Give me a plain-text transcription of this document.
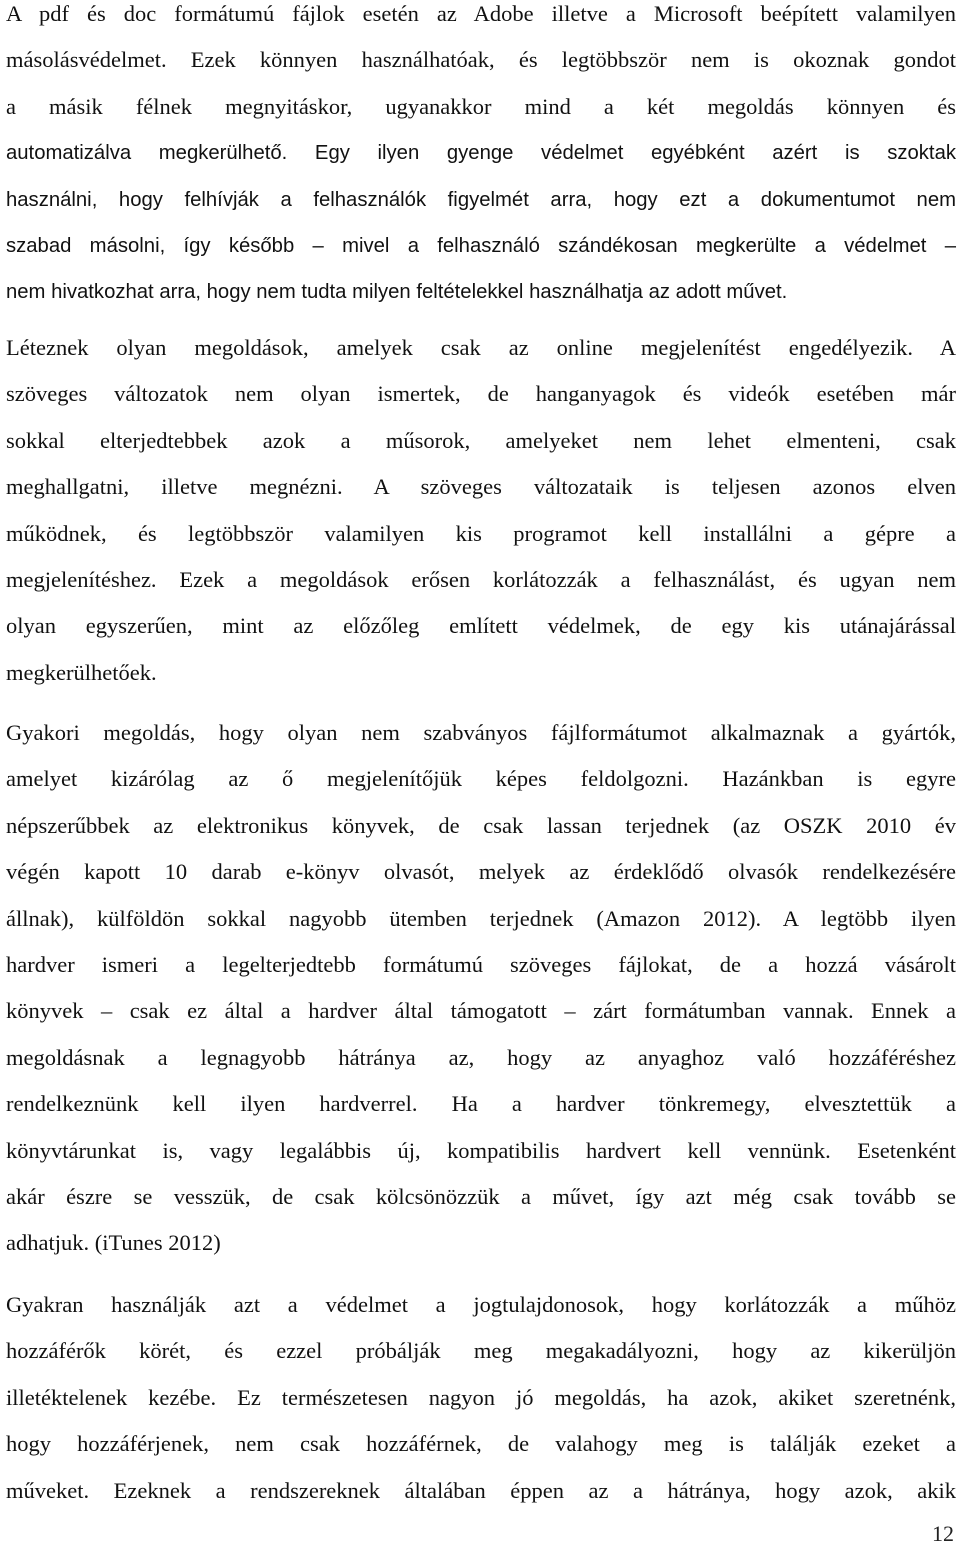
A pdf és doc formátumú fájlok esetén az Adobe illetve a Microsoft beépített valamilyen
másolásvédelmet. Ezek könnyen használhatóak, és legtöbbször nem is okoznak gondot
a másik félnek megnyitáskor, ugyanakkor mind a két megoldás könnyen és
automatizálva megkerülhető. Egy ilyen gyenge védelmet egyébként azért is szoktak
használni, hogy felhívják a felhasználók figyelmét arra, hogy ezt a dokumentumot nem
szabad másolni, így később – mivel a felhasználó szándékosan megkerülte a védelmet –
nem hivatkozhat arra, hogy nem tudta milyen feltételekkel használhatja az adott művet.
Léteznek olyan megoldások, amelyek csak az online megjelenítést engedélyezik. A
szöveges változatok nem olyan ismertek, de hanganyagok és videók esetében már
sokkal elterjedtebbek azok a műsorok, amelyeket nem lehet elmenteni, csak
meghallgatni, illetve megnézni. A szöveges változataik is teljesen azonos elven
működnek, és legtöbbször valamilyen kis programot kell installálni a gépre a
megjelenítéshez. Ezek a megoldások erősen korlátozzák a felhasználást, és ugyan nem
olyan egyszerűen, mint az előzőleg említett védelmek, de egy kis utánajárással
megkerülhetőek.
Gyakori megoldás, hogy olyan nem szabványos fájlformátumot alkalmaznak a gyártók,
amelyet kizárólag az ő megjelenítőjük képes feldolgozni. Hazánkban is egyre
népszerűbbek az elektronikus könyvek, de csak lassan terjednek (az OSZK 2010 év
végén kapott 10 darab e-könyv olvasót, melyek az érdeklődő olvasók rendelkezésére
állnak), külföldön sokkal nagyobb ütemben terjednek (Amazon 2012). A legtöbb ilyen
hardver ismeri a legelterjedtebb formátumú szöveges fájlokat, de a hozzá vásárolt
könyvek – csak ez által a hardver által támogatott – zárt formátumban vannak. Ennek a
megoldásnak a legnagyobb hátránya az, hogy az anyaghoz való hozzáféréshez
rendelkeznünk kell ilyen hardverrel. Ha a hardver tönkremegy, elvesztettük a
könyvtárunkat is, vagy legalábbis új, kompatibilis hardvert kell vennünk. Esetenként
akár észre se vesszük, de csak kölcsönözzük a művet, így azt még csak tovább se
adhatjuk. (iTunes 2012)
Gyakran használják azt a védelmet a jogtulajdonosok, hogy korlátozzák a műhöz
hozzáférők körét, és ezzel próbálják meg megakadályozni, hogy az kikerüljön
illetéktelenek kezébe. Ez természetesen nagyon jó megoldás, ha azok, akiket szeretnénk,
hogy hozzáférjenek, nem csak hozzáférnek, de valahogy meg is találják ezeket a
műveket. Ezeknek a rendszereknek általában éppen az a hátránya, hogy azok, akik
12
